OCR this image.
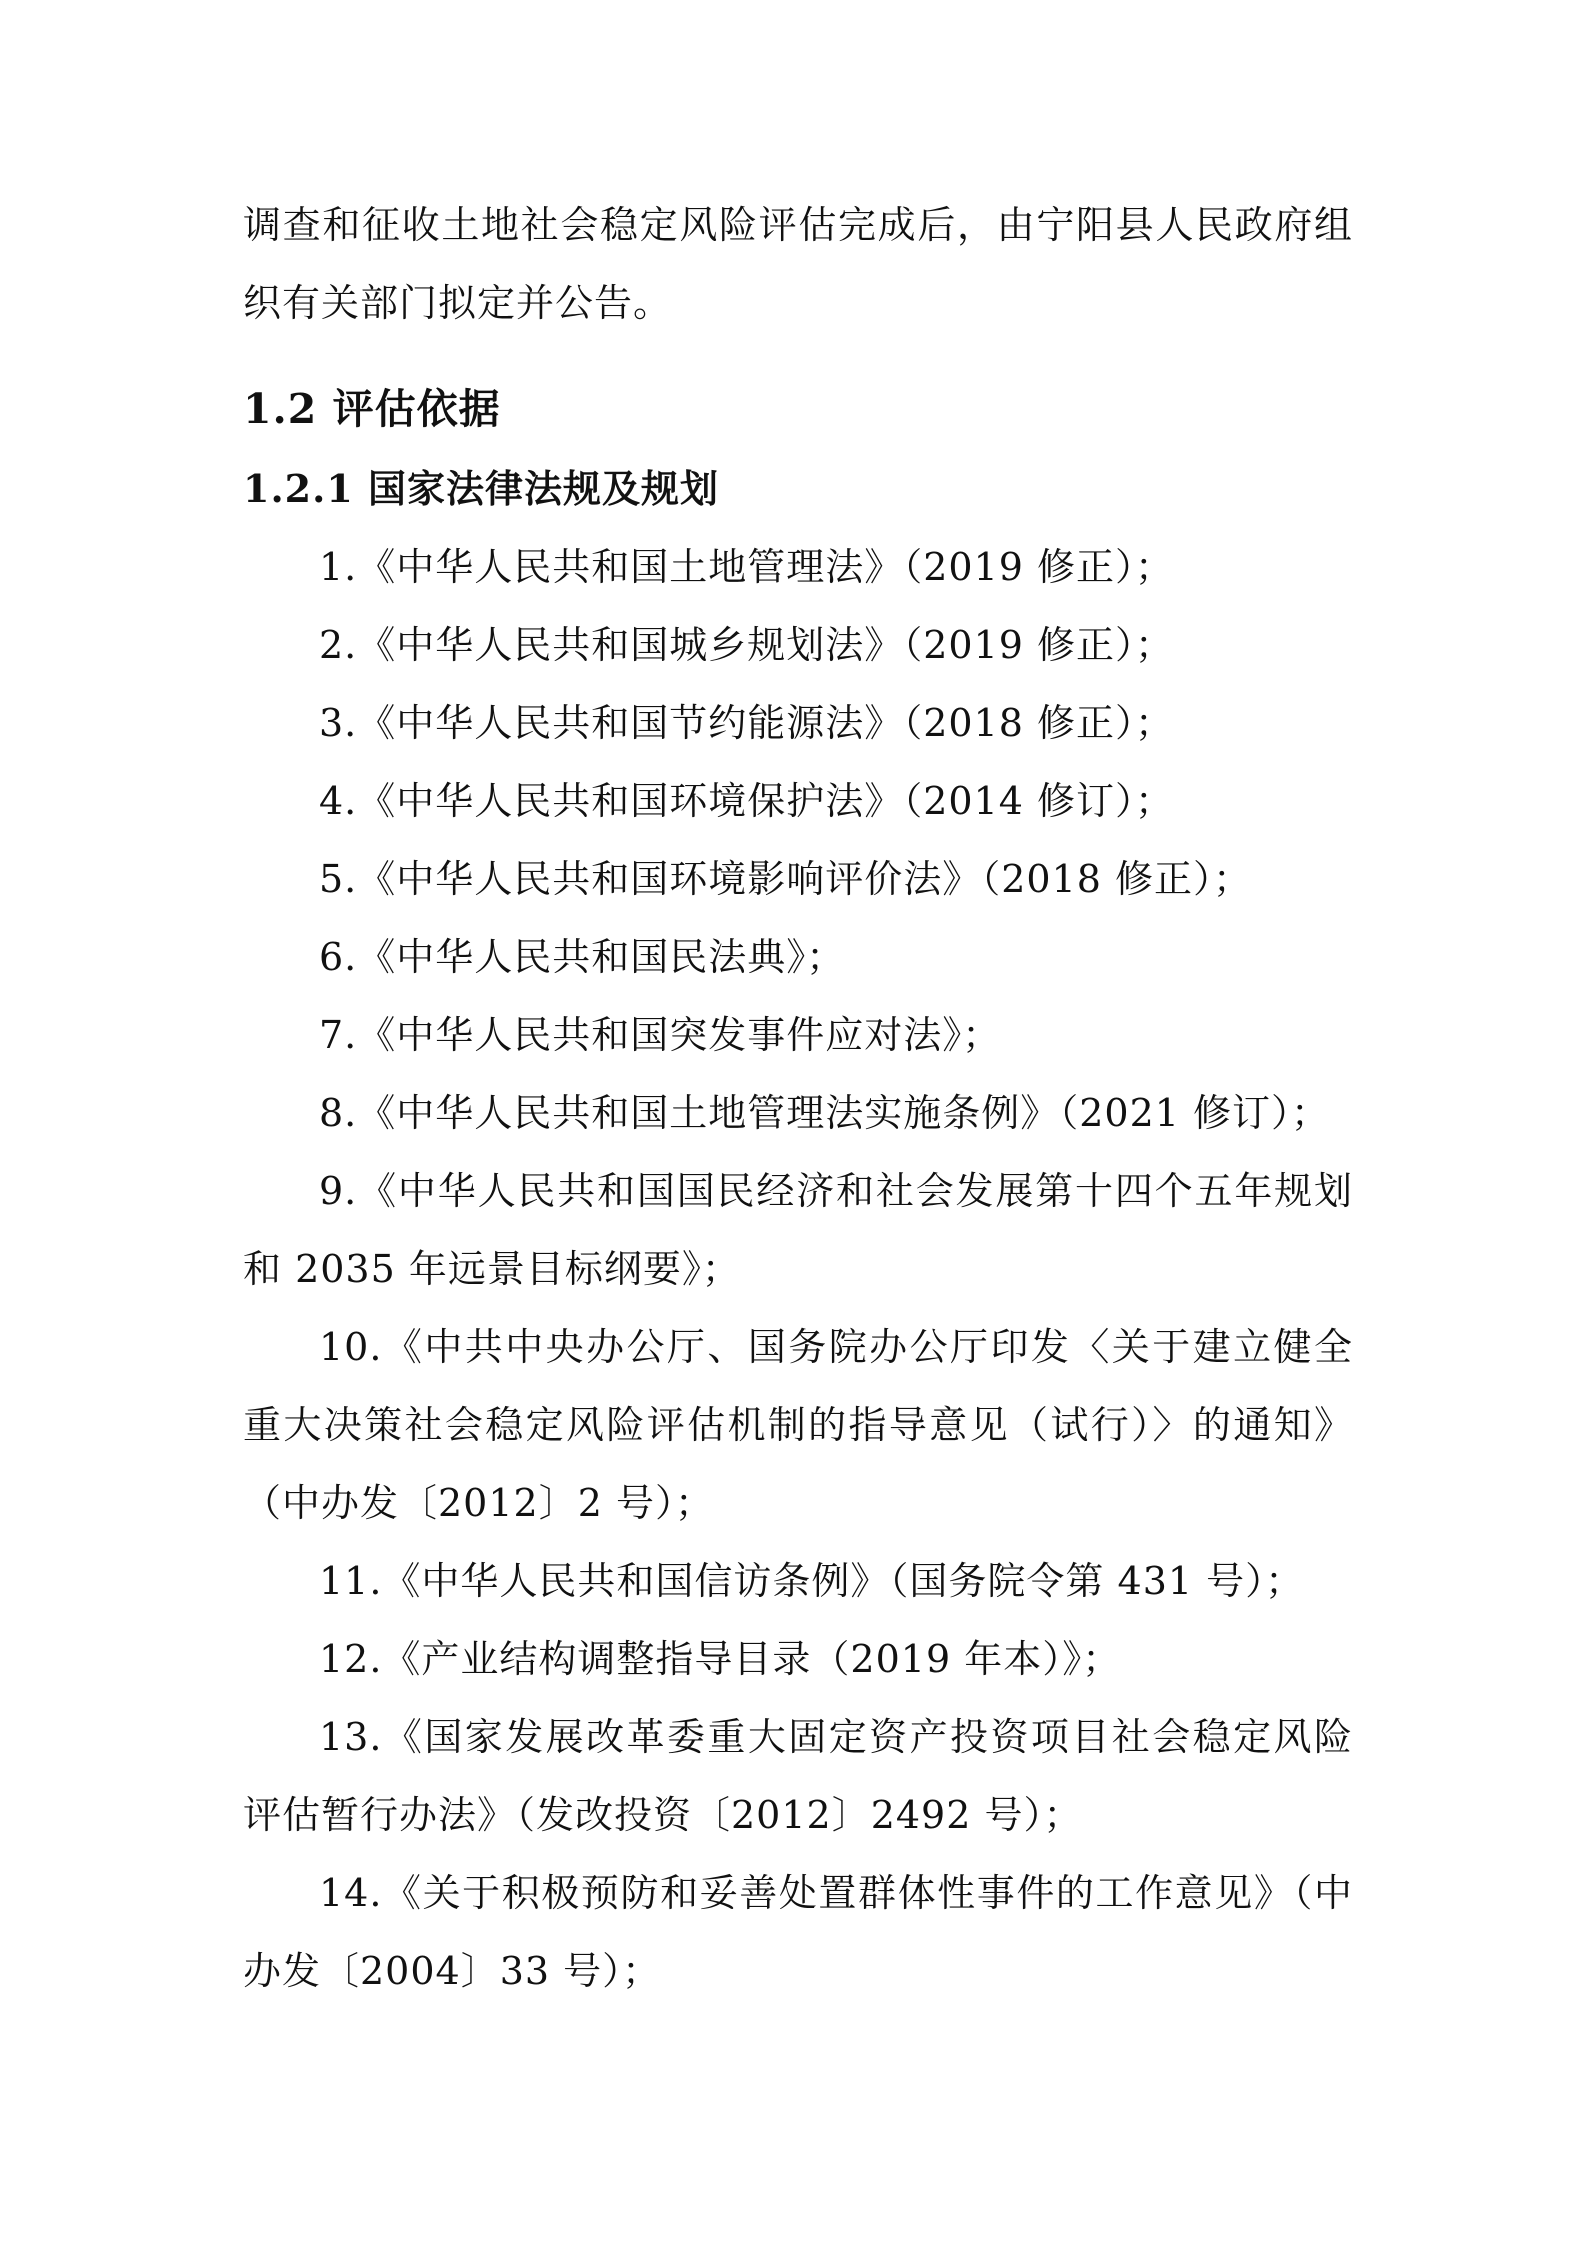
调查和征收土地社会稳定风险评估完成后，由宁阳县人民政府组织有关部门拟定并公告。

1.2 评估依据
1.2.1 国家法律法规及规划
1.《中华人民共和国土地管理法》（2019 修正）；
2.《中华人民共和国城乡规划法》（2019 修正）；
3.《中华人民共和国节约能源法》（2018 修正）；
4.《中华人民共和国环境保护法》（2014 修订）；
5.《中华人民共和国环境影响评价法》（2018 修正）；
6.《中华人民共和国民法典》；
7.《中华人民共和国突发事件应对法》；
8.《中华人民共和国土地管理法实施条例》（2021 修订）；
9.《中华人民共和国国民经济和社会发展第十四个五年规划和 2035 年远景目标纲要》；
10.《中共中央办公厅、国务院办公厅印发〈关于建立健全重大决策社会稳定风险评估机制的指导意见（试行）〉的通知》（中办发〔2012〕2 号）；
11.《中华人民共和国信访条例》（国务院令第 431 号）；
12.《产业结构调整指导目录（2019 年本）》；
13.《国家发展改革委重大固定资产投资项目社会稳定风险评估暂行办法》（发改投资〔2012〕2492 号）；
14.《关于积极预防和妥善处置群体性事件的工作意见》（中办发〔2004〕33 号）；
